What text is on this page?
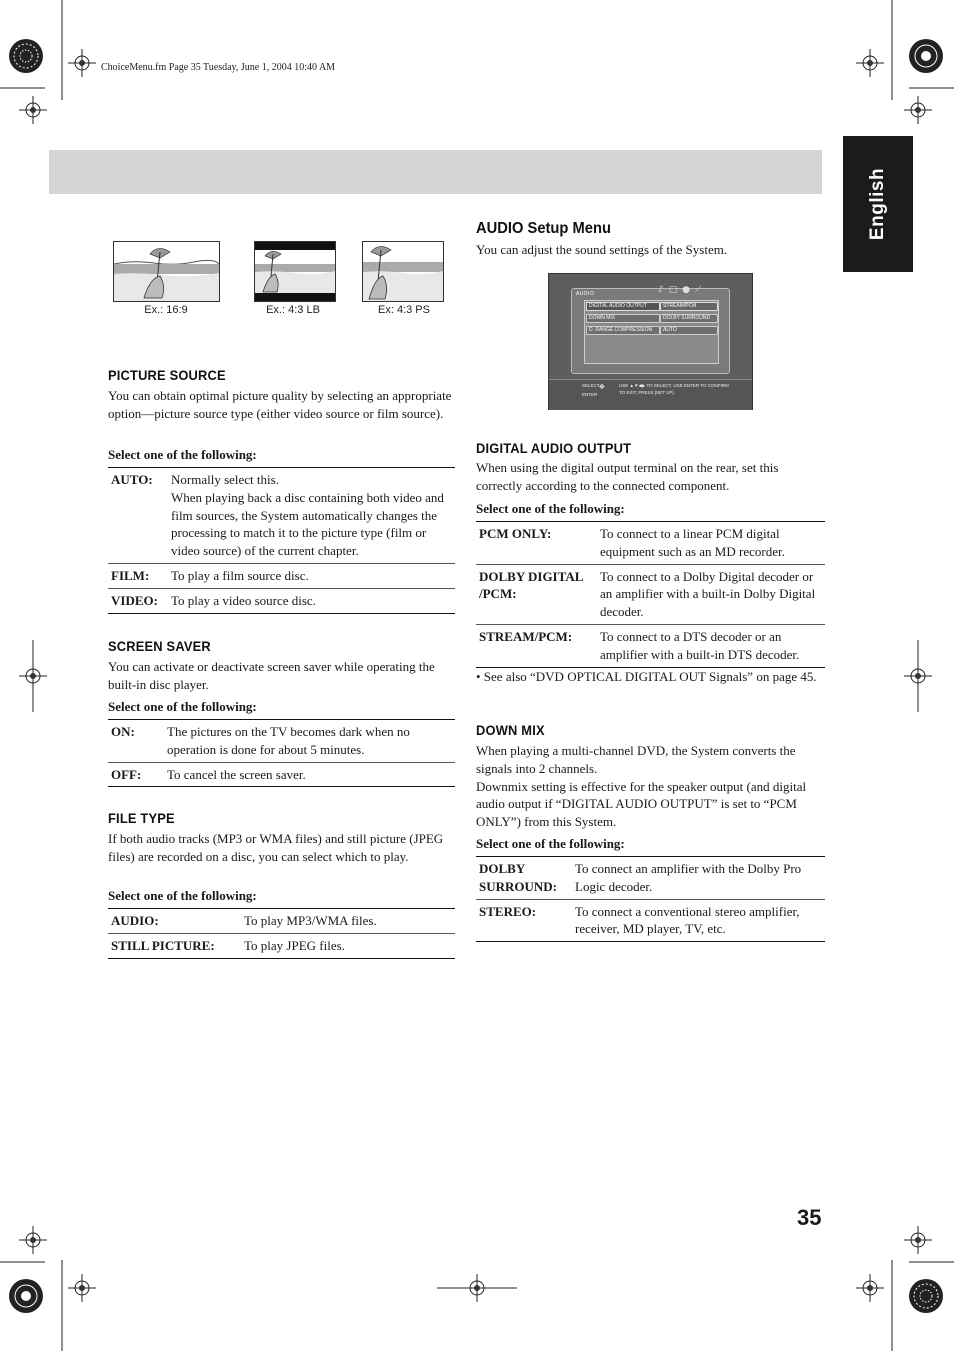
ChoiceMenu.fm Page 35 Tuesday, June 1, 2004 10:40 AM
English
Ex.: 16:9	Ex.: 4:3 LB	Ex: 4:3 PS
PICTURE SOURCE

You can obtain optimal picture quality by selecting an appropriate option—picture source type (either video source or film source).

Select one of the following:

AUTO:	Normally select this.
When playing back a disc containing both video and film sources, the System automatically changes the processing to match it to the picture type (film or video source) of the current chapter.
FILM:	To play a film source disc.
VIDEO:	To play a video source disc.
SCREEN SAVER

You can activate or deactivate screen saver while operating the built-in disc player.

Select one of the following:

ON:	The pictures on the TV becomes dark when no operation is done for about 5 minutes.
OFF:	To cancel the screen saver.
FILE TYPE

If both audio tracks (MP3 or WMA files) and still picture (JPEG files) are recorded on a disc, you can select which to play.

Select one of the following:

AUDIO:	To play MP3/WMA files.
STILL PICTURE:	To play JPEG files.
AUDIO Setup Menu

You can adjust the sound settings of the System.

AUDIO	♪▢●⟋
DIGITAL AUDIO OUTPUT	STREAM/PCM
DOWN MIX	DOLBY SURROUND
D. RANGE COMPRESSION	AUTO
SELECT
ENTER
✥	USE ▲▼◀▶ TO SELECT. USE ENTER TO CONFIRM
TO EXIT, PRESS [SET UP].
DIGITAL AUDIO OUTPUT

When using the digital output terminal on the rear, set this correctly according to the connected component.

Select one of the following:

PCM ONLY:	To connect to a linear PCM digital equipment such as an MD recorder.
DOLBY DIGITAL
/PCM:	To connect to a Dolby Digital decoder or an amplifier with a built-in Dolby Digital decoder.
STREAM/PCM:	To connect to a DTS decoder or an amplifier with a built-in DTS decoder.

• See also “DVD OPTICAL DIGITAL OUT Signals” on page 45.

DOWN MIX

When playing a multi-channel DVD, the System converts the signals into 2 channels.
Downmix setting is effective for the speaker output (and digital audio output if “DIGITAL AUDIO OUTPUT” is set to “PCM ONLY”) from this System.

Select one of the following:

DOLBY
SURROUND:	To connect an amplifier with the Dolby Pro Logic decoder.
STEREO:	To connect a conventional stereo amplifier, receiver, MD player, TV, etc.
35
